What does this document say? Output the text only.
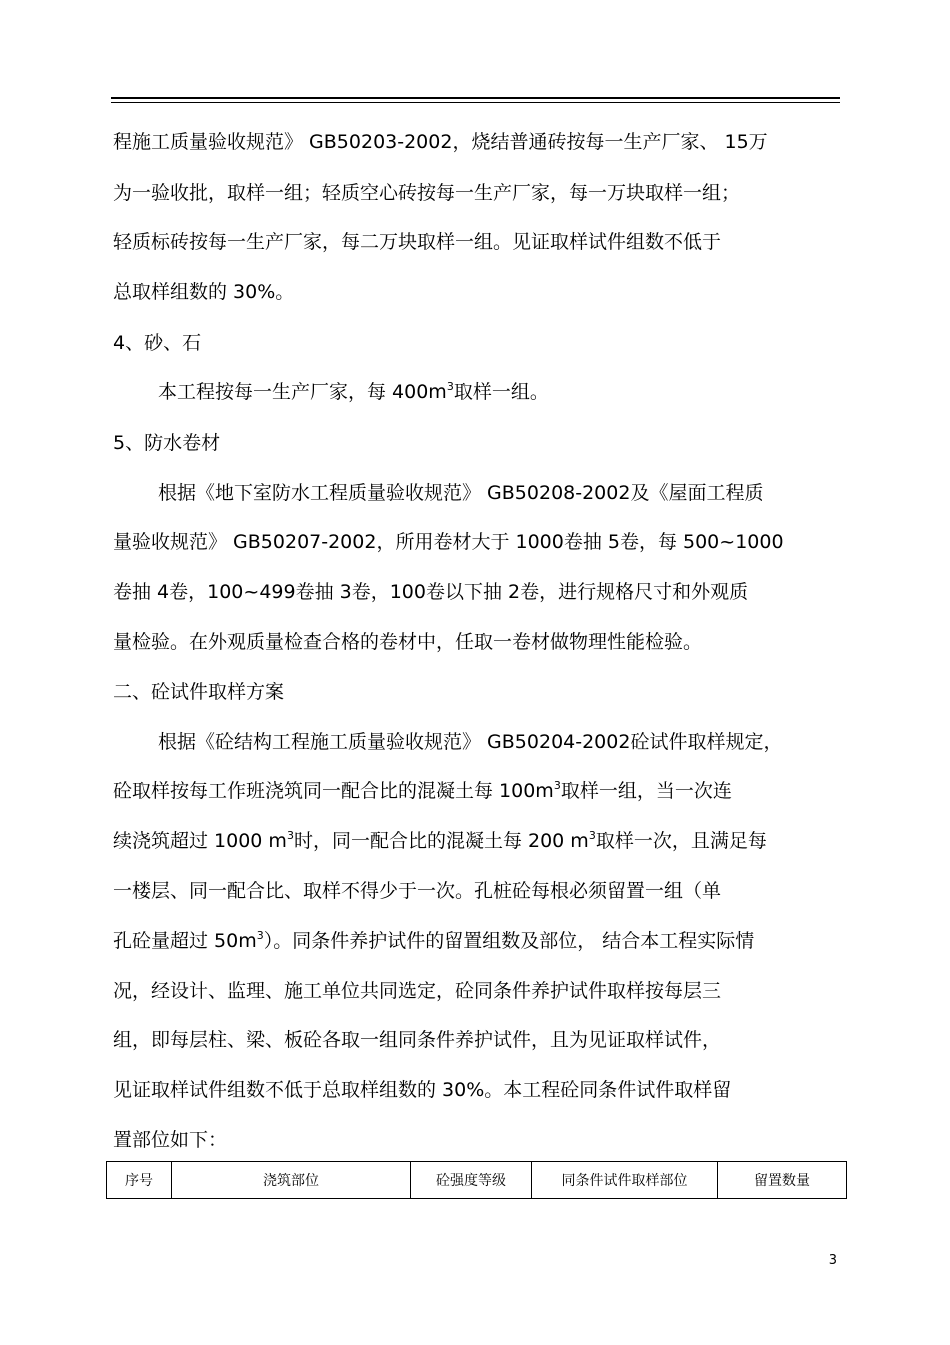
程施工质量验收规范》 GB50203-2002，烧结普通砖按每一生产厂家、 15万
为一验收批，取样一组；轻质空心砖按每一生产厂家，每一万块取样一组；
轻质标砖按每一生产厂家，每二万块取样一组。见证取样试件组数不低于
总取样组数的 30%。
4、砂、石
本工程按每一生产厂家，每 $400m^3$取样一组。
5、防水卷材
根据《地下室防水工程质量验收规范》 GB50208-2002及《屋面工程质
量验收规范》 GB50207-2002，所用卷材大于 1000卷抽 5卷，每 500~1000
卷抽 4卷，100~499卷抽 3卷，100卷以下抽 2卷，进行规格尺寸和外观质
量检验。在外观质量检查合格的卷材中，任取一卷材做物理性能检验。
二、砼试件取样方案
根据《砼结构工程施工质量验收规范》 GB50204-2002砼试件取样规定，
砼取样按每工作班浇筑同一配合比的混凝土每 $100m^3$取样一组，当一次连
续浇筑超过 1000 $m^3$时，同一配合比的混凝土每 200 $m^3$取样一次，且满足每
一楼层、同一配合比、取样不得少于一次。孔桩砼每根必须留置一组（单
孔砼量超过 $50m^3$）。同条件养护试件的留置组数及部位， 结合本工程实际情
况，经设计、监理、施工单位共同选定，砼同条件养护试件取样按每层三
组，即每层柱、梁、板砼各取一组同条件养护试件，且为见证取样试件，
见证取样试件组数不低于总取样组数的 30%。本工程砼同条件试件取样留
置部位如下：
序号	浇筑部位	砼强度等级	同条件试件取样部位	留置数量
3
